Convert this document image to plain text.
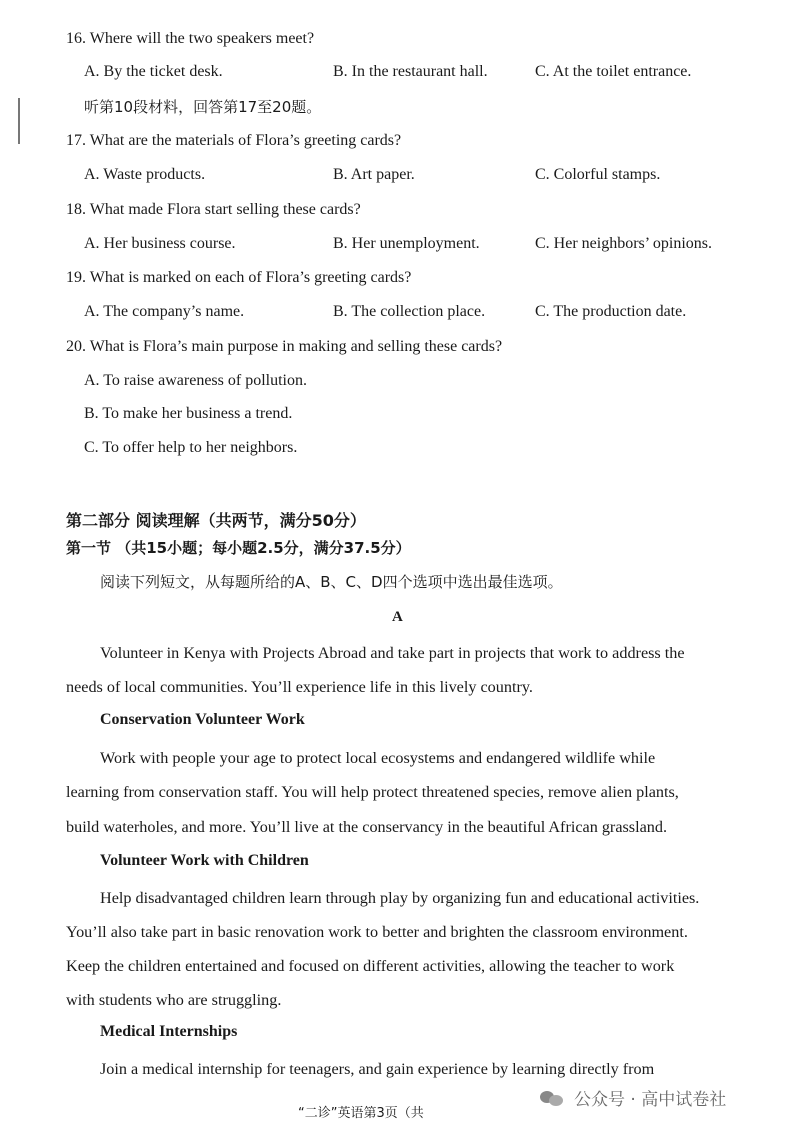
16. Where will the two speakers meet?
A. By the ticket desk.	B. In the restaurant hall.	C. At the toilet entrance.
听第10段材料，回答第17至20题。
17. What are the materials of Flora’s greeting cards?
A. Waste products.	B. Art paper.	C. Colorful stamps.
18. What made Flora start selling these cards?
A. Her business course.	B. Her unemployment.	C. Her neighbors’ opinions.
19. What is marked on each of Flora’s greeting cards?
A. The company’s name.	B. The collection place.	C. The production date.
20. What is Flora’s main purpose in making and selling these cards?
A. To raise awareness of pollution.
B. To make her business a trend.
C. To offer help to her neighbors.
第二部分 阅读理解（共两节，满分50分）
第一节 （共15小题；每小题2.5分，满分37.5分）
阅读下列短文，从每题所给的A、B、C、D四个选项中选出最佳选项。
A
Volunteer in Kenya with Projects Abroad and take part in projects that work to address the
needs of local communities. You’ll experience life in this lively country.
Conservation Volunteer Work
Work with people your age to protect local ecosystems and endangered wildlife while
learning from conservation staff. You will help protect threatened species, remove alien plants,
build waterholes, and more. You’ll live at the conservancy in the beautiful African grassland.
Volunteer Work with Children
Help disadvantaged children learn through play by organizing fun and educational activities.
You’ll also take part in basic renovation work to better and brighten the classroom environment.
Keep the children entertained and focused on different activities, allowing the teacher to work
with students who are struggling.
Medical Internships
Join a medical internship for teenagers, and gain experience by learning directly from
“二诊”英语第3页（共
公众号 · 高中试卷社
